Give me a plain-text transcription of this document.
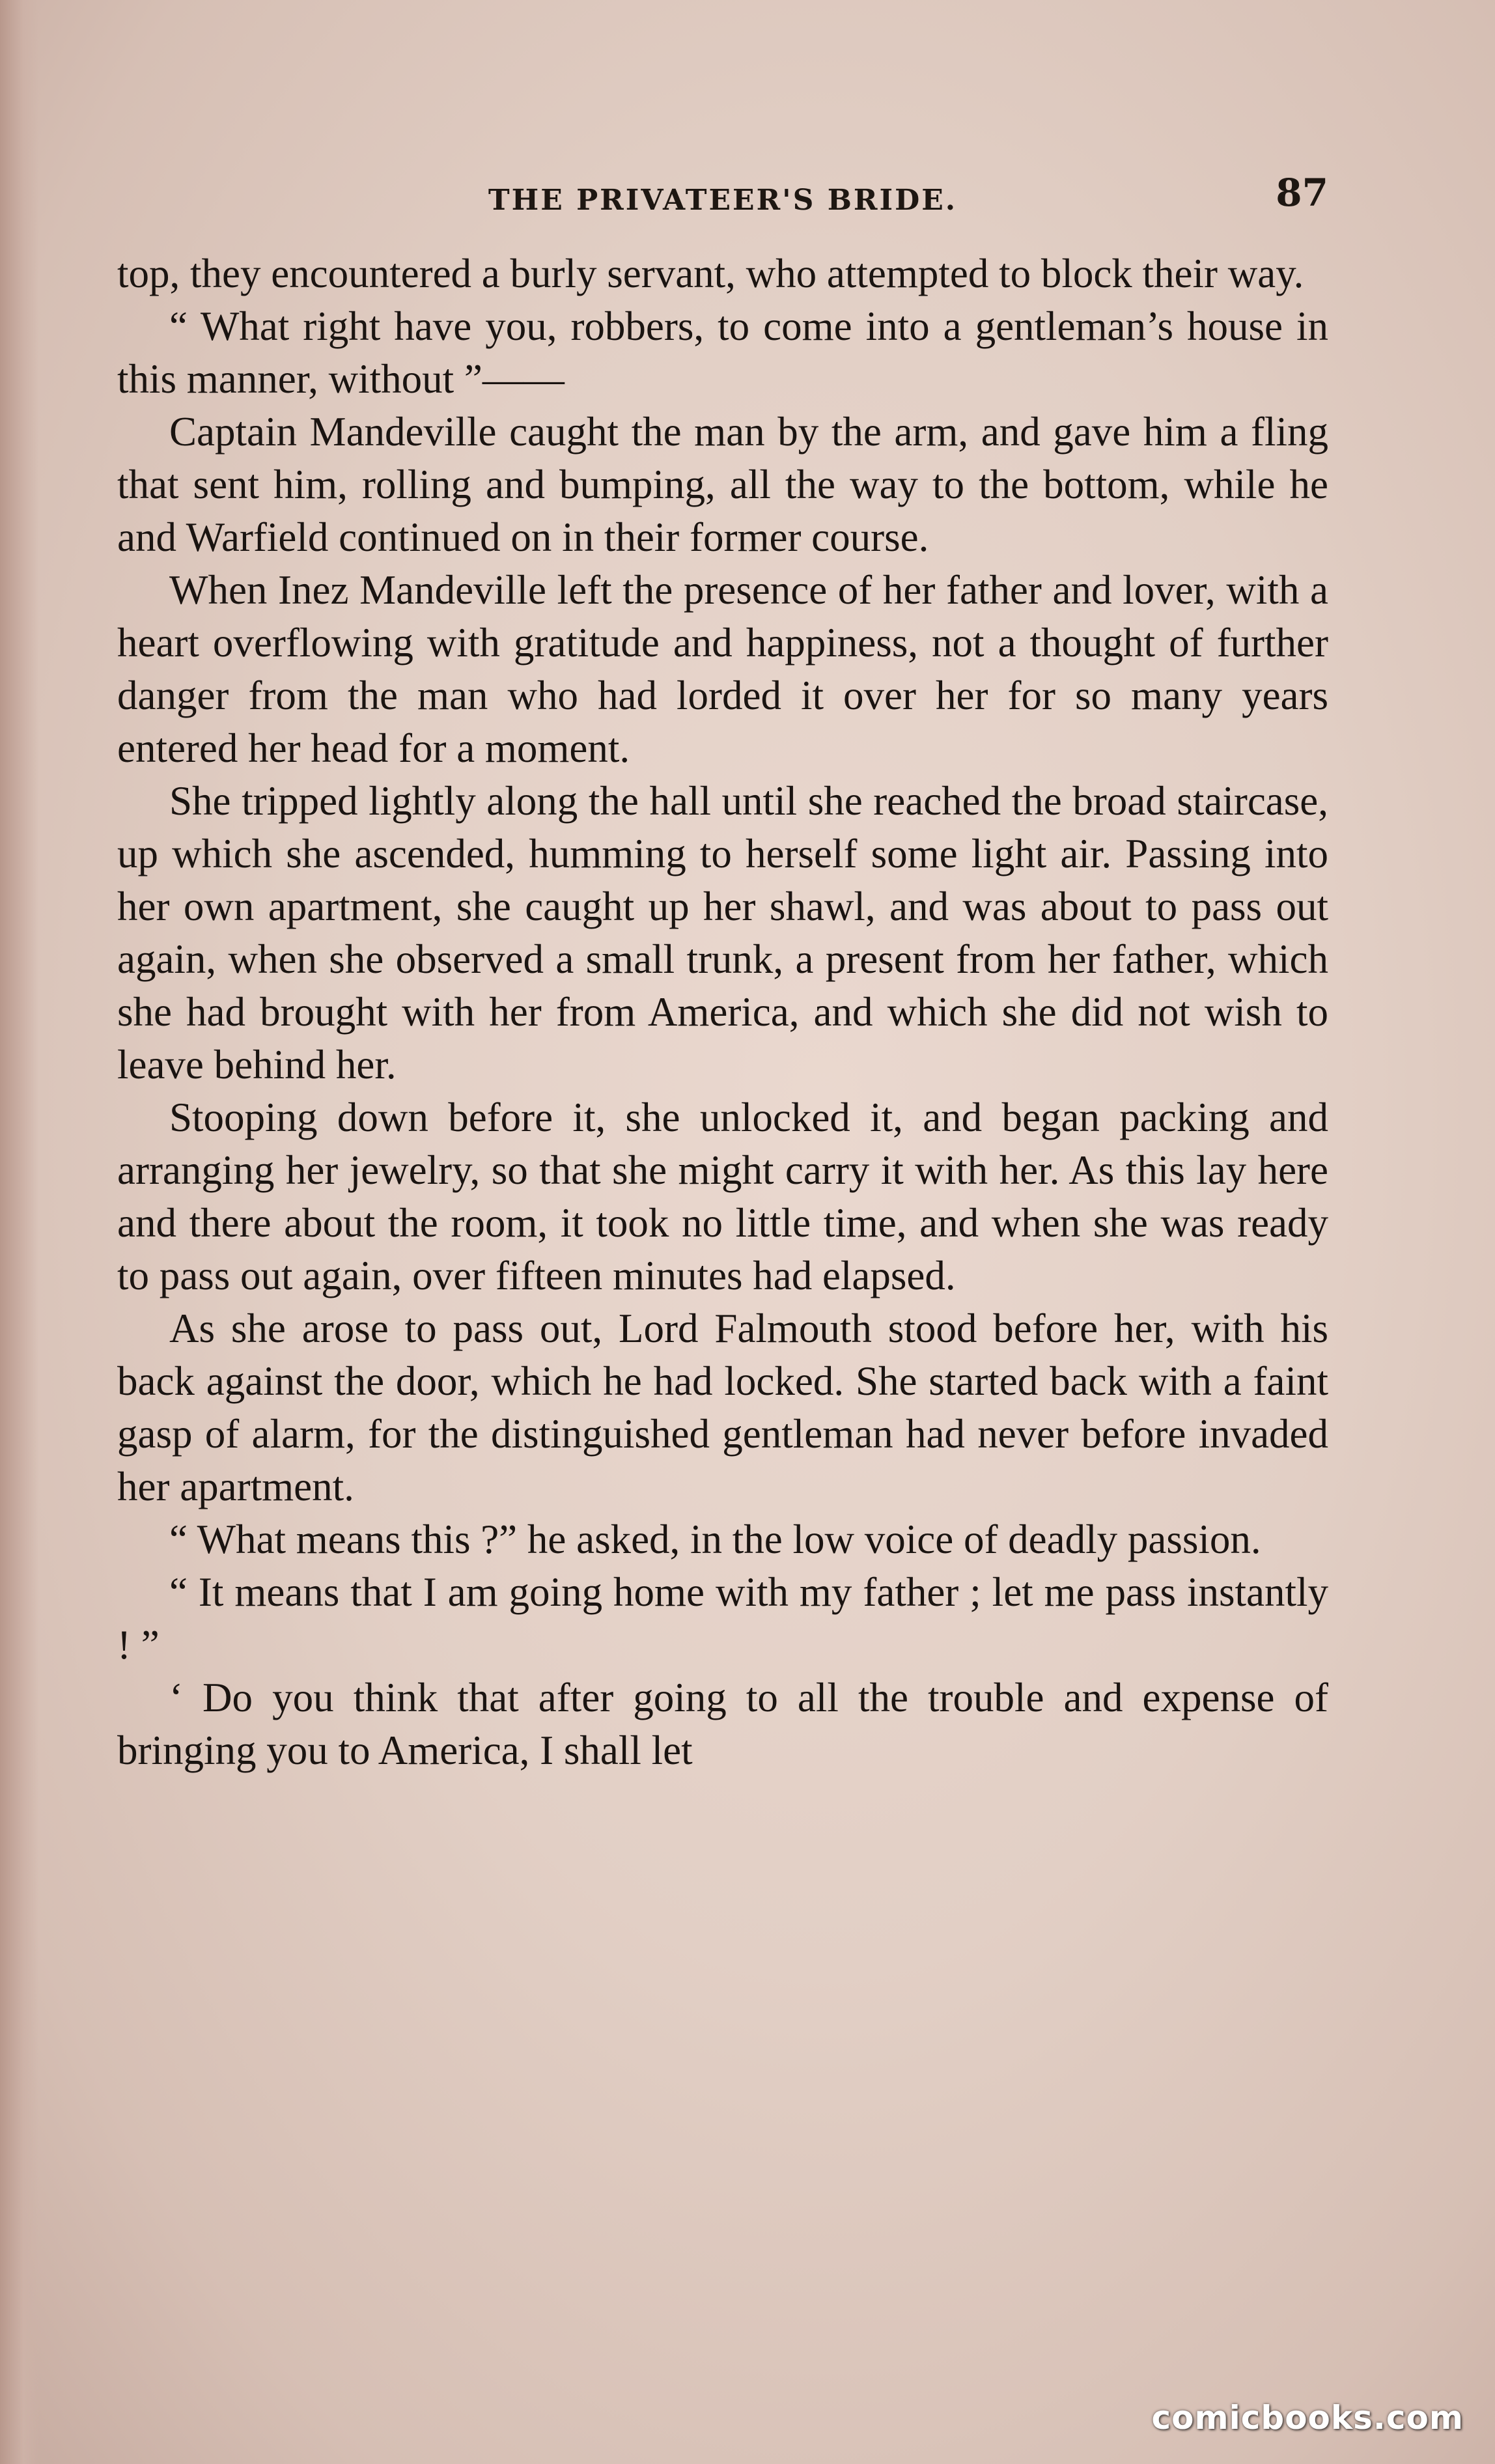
THE PRIVATEER'S BRIDE.	87

top, they encountered a burly servant, who attempted to block their way.

“ What right have you, robbers, to come into a gentleman’s house in this manner, without ”——

Captain Mandeville caught the man by the arm, and gave him a fling that sent him, rolling and bumping, all the way to the bottom, while he and Warfield continued on in their former course.

When Inez Mandeville left the presence of her father and lover, with a heart overflowing with gratitude and happiness, not a thought of further danger from the man who had lorded it over her for so many years entered her head for a moment.

She tripped lightly along the hall until she reached the broad staircase, up which she ascended, humming to herself some light air. Passing into her own apartment, she caught up her shawl, and was about to pass out again, when she observed a small trunk, a present from her father, which she had brought with her from America, and which she did not wish to leave behind her.

Stooping down before it, she unlocked it, and began packing and arranging her jewelry, so that she might carry it with her. As this lay here and there about the room, it took no little time, and when she was ready to pass out again, over fifteen minutes had elapsed.

As she arose to pass out, Lord Falmouth stood before her, with his back against the door, which he had locked. She started back with a faint gasp of alarm, for the distinguished gentleman had never before invaded her apartment.

“ What means this ?” he asked, in the low voice of deadly passion.

“ It means that I am going home with my father ; let me pass instantly ! ”

‘ Do you think that after going to all the trouble and expense of bringing you to America, I shall let

comicbooks.com
